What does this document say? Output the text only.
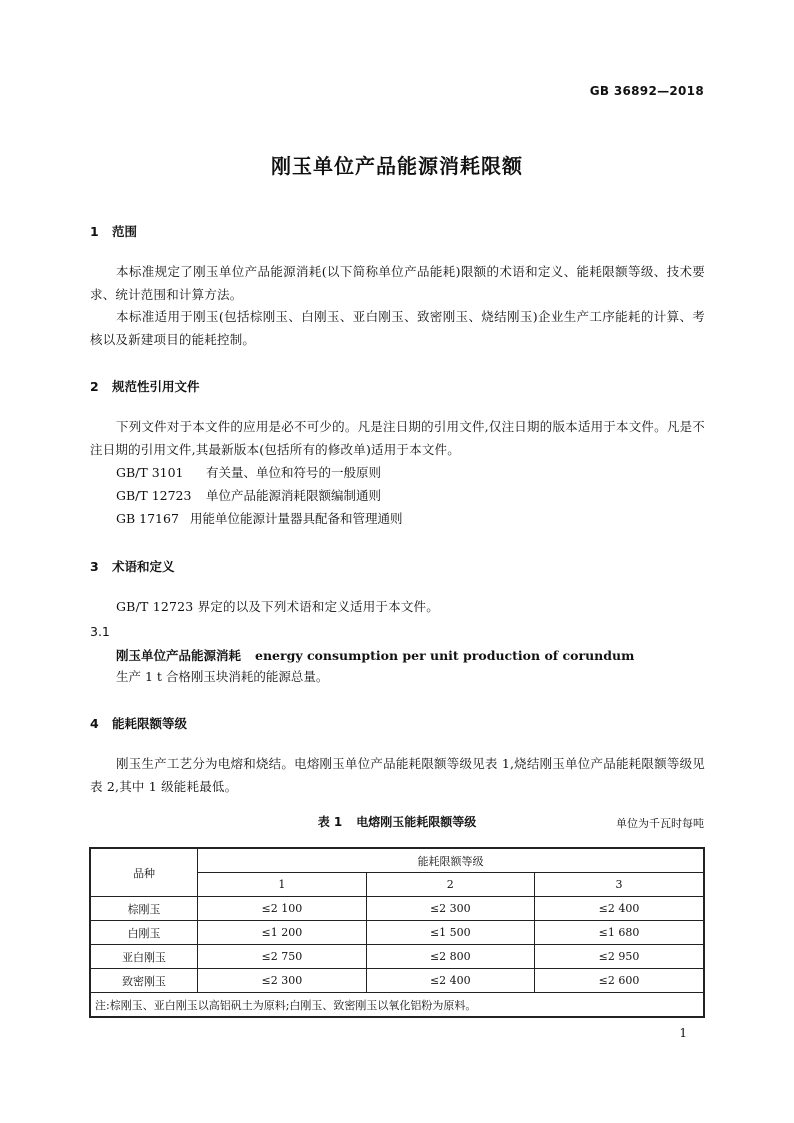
GB 36892—2018
刚玉单位产品能源消耗限额
1 范围
本标准规定了刚玉单位产品能源消耗(以下简称单位产品能耗)限额的术语和定义、能耗限额等级、技术要求、统计范围和计算方法。
本标准适用于刚玉(包括棕刚玉、白刚玉、亚白刚玉、致密刚玉、烧结刚玉)企业生产工序能耗的计算、考核以及新建项目的能耗控制。
2 规范性引用文件
下列文件对于本文件的应用是必不可少的。凡是注日期的引用文件,仅注日期的版本适用于本文件。凡是不注日期的引用文件,其最新版本(包括所有的修改单)适用于本文件。
GB/T 3101 有关量、单位和符号的一般原则
GB/T 12723 单位产品能源消耗限额编制通则
GB 17167 用能单位能源计量器具配备和管理通则
3 术语和定义
GB/T 12723 界定的以及下列术语和定义适用于本文件。
3.1
刚玉单位产品能源消耗 energy consumption per unit production of corundum
生产 1 t 合格刚玉块消耗的能源总量。
4 能耗限额等级
刚玉生产工艺分为电熔和烧结。电熔刚玉单位产品能耗限额等级见表 1,烧结刚玉单位产品能耗限额等级见表 2,其中 1 级能耗最低。
表 1 电熔刚玉能耗限额等级	单位为千瓦时每吨
品种	能耗限额等级		
	1	2	3
棕刚玉	≤2 100	≤2 300	≤2 400
白刚玉	≤1 200	≤1 500	≤1 680
亚白刚玉	≤2 750	≤2 800	≤2 950
致密刚玉	≤2 300	≤2 400	≤2 600
注:棕刚玉、亚白刚玉以高铝矾土为原料;白刚玉、致密刚玉以氧化铝粉为原料。			
1
